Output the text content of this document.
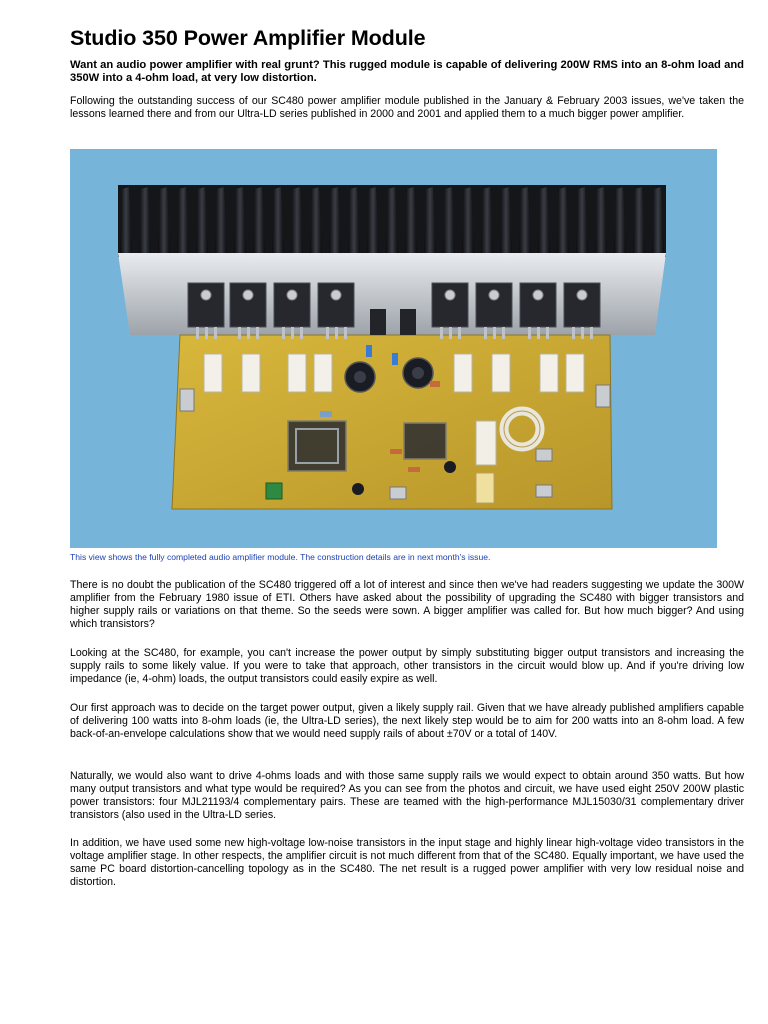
Studio 350 Power Amplifier Module

Want an audio power amplifier with real grunt? This rugged module is capable of delivering 200W RMS into an 8-ohm load and 350W into a 4-ohm load, at very low distortion.

Following the outstanding success of our SC480 power amplifier module published in the January & February 2003 issues, we've taken the lessons learned there and from our Ultra-LD series published in 2000 and 2001 and applied them to a much bigger power amplifier.

This view shows the fully completed audio amplifier module. The construction details are in next month's issue.

There is no doubt the publication of the SC480 triggered off a lot of interest and since then we've had readers suggesting we update the 300W amplifier from the February 1980 issue of ETI. Others have asked about the possibility of upgrading the SC480 with bigger transistors and higher supply rails or variations on that theme. So the seeds were sown. A bigger amplifier was called for. But how much bigger? And using which transistors?

Looking at the SC480, for example, you can't increase the power output by simply substituting bigger output transistors and increasing the supply rails to some likely value. If you were to take that approach, other transistors in the circuit would blow up. And if you're driving low impedance (ie, 4-ohm) loads, the output transistors could easily expire as well.

Our first approach was to decide on the target power output, given a likely supply rail. Given that we have already published amplifiers capable of delivering 100 watts into 8-ohm loads (ie, the Ultra-LD series), the next likely step would be to aim for 200 watts into an 8-ohm load. A few back-of-an-envelope calculations show that we would need supply rails of about ±70V or a total of 140V.

Naturally, we would also want to drive 4-ohms loads and with those same supply rails we would expect to obtain around 350 watts. But how many output transistors and what type would be required? As you can see from the photos and circuit, we have used eight 250V 200W plastic power transistors: four MJL21193/4 complementary pairs. These are teamed with the high-performance MJL15030/31 complementary driver transistors (also used in the Ultra-LD series.

In addition, we have used some new high-voltage low-noise transistors in the input stage and highly linear high-voltage video transistors in the voltage amplifier stage. In other respects, the amplifier circuit is not much different from that of the SC480. Equally important, we have used the same PC board distortion-cancelling topology as in the SC480. The net result is a rugged power amplifier with very low residual noise and distortion.
